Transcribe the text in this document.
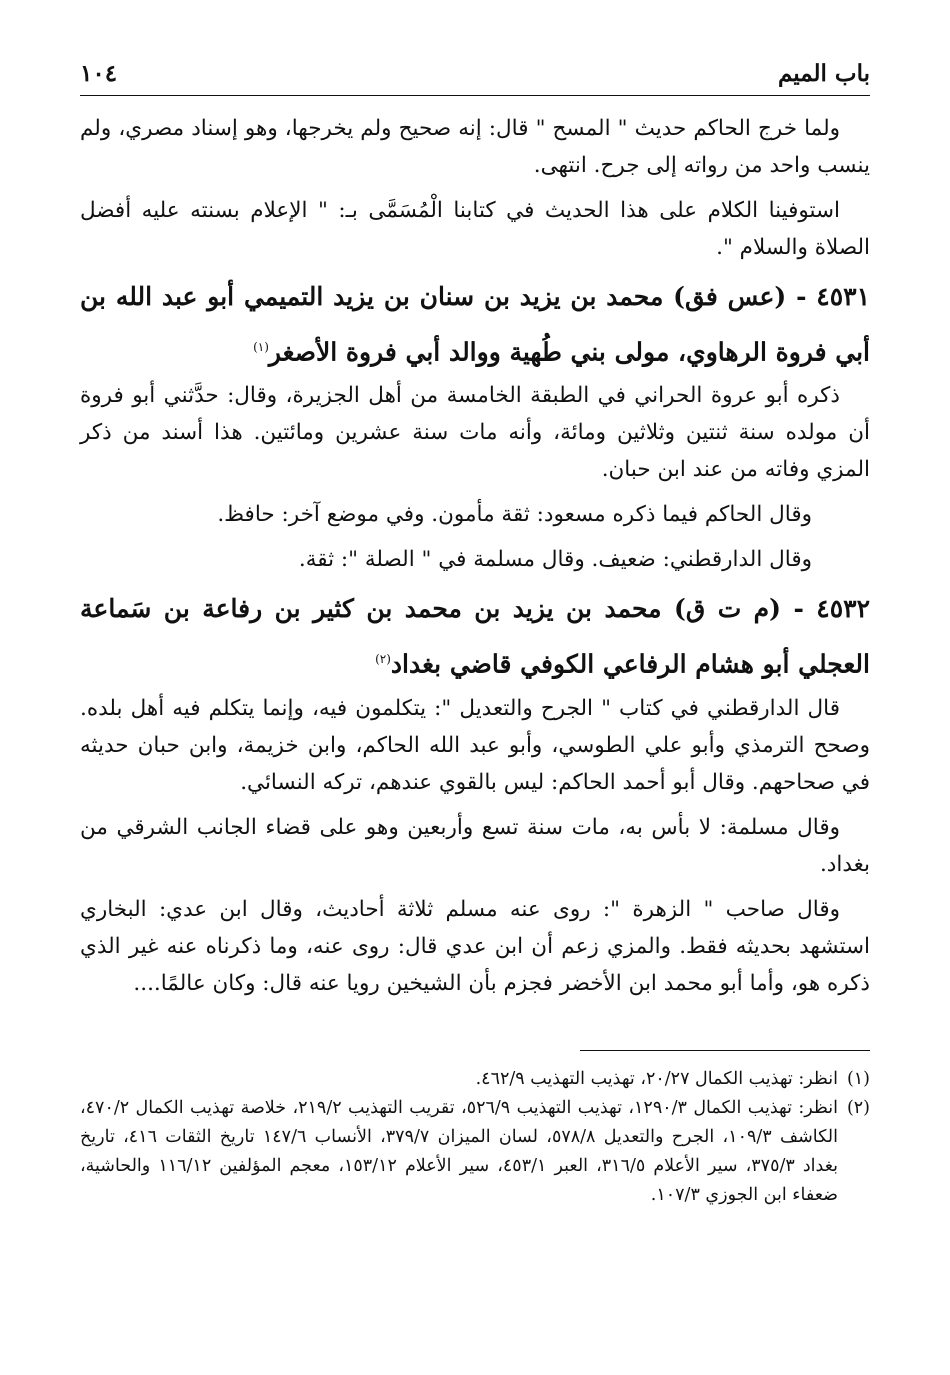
باب الميم
١٠٤

ولما خرج الحاكم حديث " المسح " قال: إنه صحيح ولم يخرجها، وهو إسناد مصري، ولم ينسب واحد من رواته إلى جرح. انتهى.

استوفينا الكلام على هذا الحديث في كتابنا الْمُسَمَّى بـ: " الإعلام بسنته عليه أفضل الصلاة والسلام ".

٤٥٣١ - (عس فق) محمد بن يزيد بن سنان بن يزيد التميمي أبو عبد الله بن أبي فروة الرهاوي، مولى بني طُهية ووالد أبي فروة الأصغر$^{(١)}$

ذكره أبو عروة الحراني في الطبقة الخامسة من أهل الجزيرة، وقال: حدَّثني أبو فروة أن مولده سنة ثنتين وثلاثين ومائة، وأنه مات سنة عشرين ومائتين. هذا أسند من ذكر المزي وفاته من عند ابن حبان.

وقال الحاكم فيما ذكره مسعود: ثقة مأمون. وفي موضع آخر: حافظ.

وقال الدارقطني: ضعيف. وقال مسلمة في " الصلة ": ثقة.

٤٥٣٢ - (م ت ق) محمد بن يزيد بن محمد بن كثير بن رفاعة بن سَماعة العجلي أبو هشام الرفاعي الكوفي قاضي بغداد$^{(٢)}$

قال الدارقطني في كتاب " الجرح والتعديل ": يتكلمون فيه، وإنما يتكلم فيه أهل بلده. وصحح الترمذي وأبو علي الطوسي، وأبو عبد الله الحاكم، وابن خزيمة، وابن حبان حديثه في صحاحهم. وقال أبو أحمد الحاكم: ليس بالقوي عندهم، تركه النسائي.

وقال مسلمة: لا بأس به، مات سنة تسع وأربعين وهو على قضاء الجانب الشرقي من بغداد.

وقال صاحب " الزهرة ": روى عنه مسلم ثلاثة أحاديث، وقال ابن عدي: البخاري استشهد بحديثه فقط. والمزي زعم أن ابن عدي قال: روى عنه، وما ذكرناه عنه غير الذي ذكره هو، وأما أبو محمد ابن الأخضر فجزم بأن الشيخين رويا عنه قال: وكان عالمًا....

(١)
انظر: تهذيب الكمال ٢٠/٢٧، تهذيب التهذيب ٤٦٢/٩.
(٢)
انظر: تهذيب الكمال ١٢٩٠/٣، تهذيب التهذيب ٥٢٦/٩، تقريب التهذيب ٢١٩/٢، خلاصة تهذيب الكمال ٤٧٠/٢، الكاشف ١٠٩/٣، الجرح والتعديل ٥٧٨/٨، لسان الميزان ٣٧٩/٧، الأنساب ١٤٧/٦ تاريخ الثقات ٤١٦، تاريخ بغداد ٣٧٥/٣، سير الأعلام ٣١٦/٥، العبر ٤٥٣/١، سير الأعلام ١٥٣/١٢، معجم المؤلفين ١١٦/١٢ والحاشية، ضعفاء ابن الجوزي ١٠٧/٣.
